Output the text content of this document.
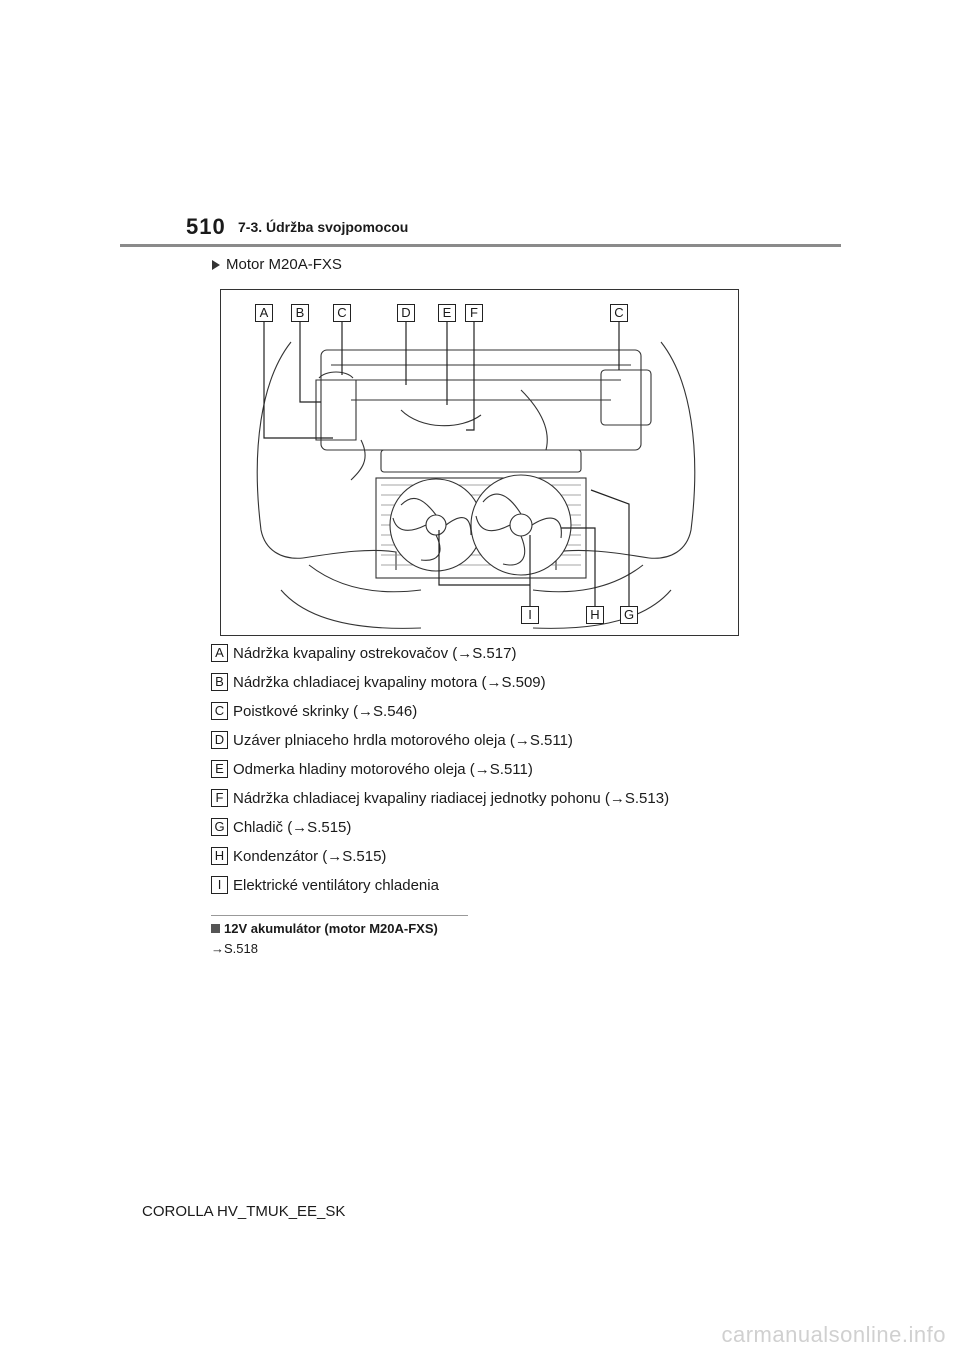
510 7-3. Údržba svojpomocou
Motor M20A-FXS
A	B	C	D	E	F	C
I	H	G
A Nádržka kvapaliny ostrekovačov (→S.517)
B Nádržka chladiacej kvapaliny motora (→S.509)
C Poistkové skrinky (→S.546)
D Uzáver plniaceho hrdla motorového oleja (→S.511)
E Odmerka hladiny motorového oleja (→S.511)
F Nádržka chladiacej kvapaliny riadiacej jednotky pohonu (→S.513)
G Chladič (→S.515)
H Kondenzátor (→S.515)
I Elektrické ventilátory chladenia
12V akumulátor (motor M20A-FXS)
→S.518
COROLLA HV_TMUK_EE_SK
carmanualsonline.info
